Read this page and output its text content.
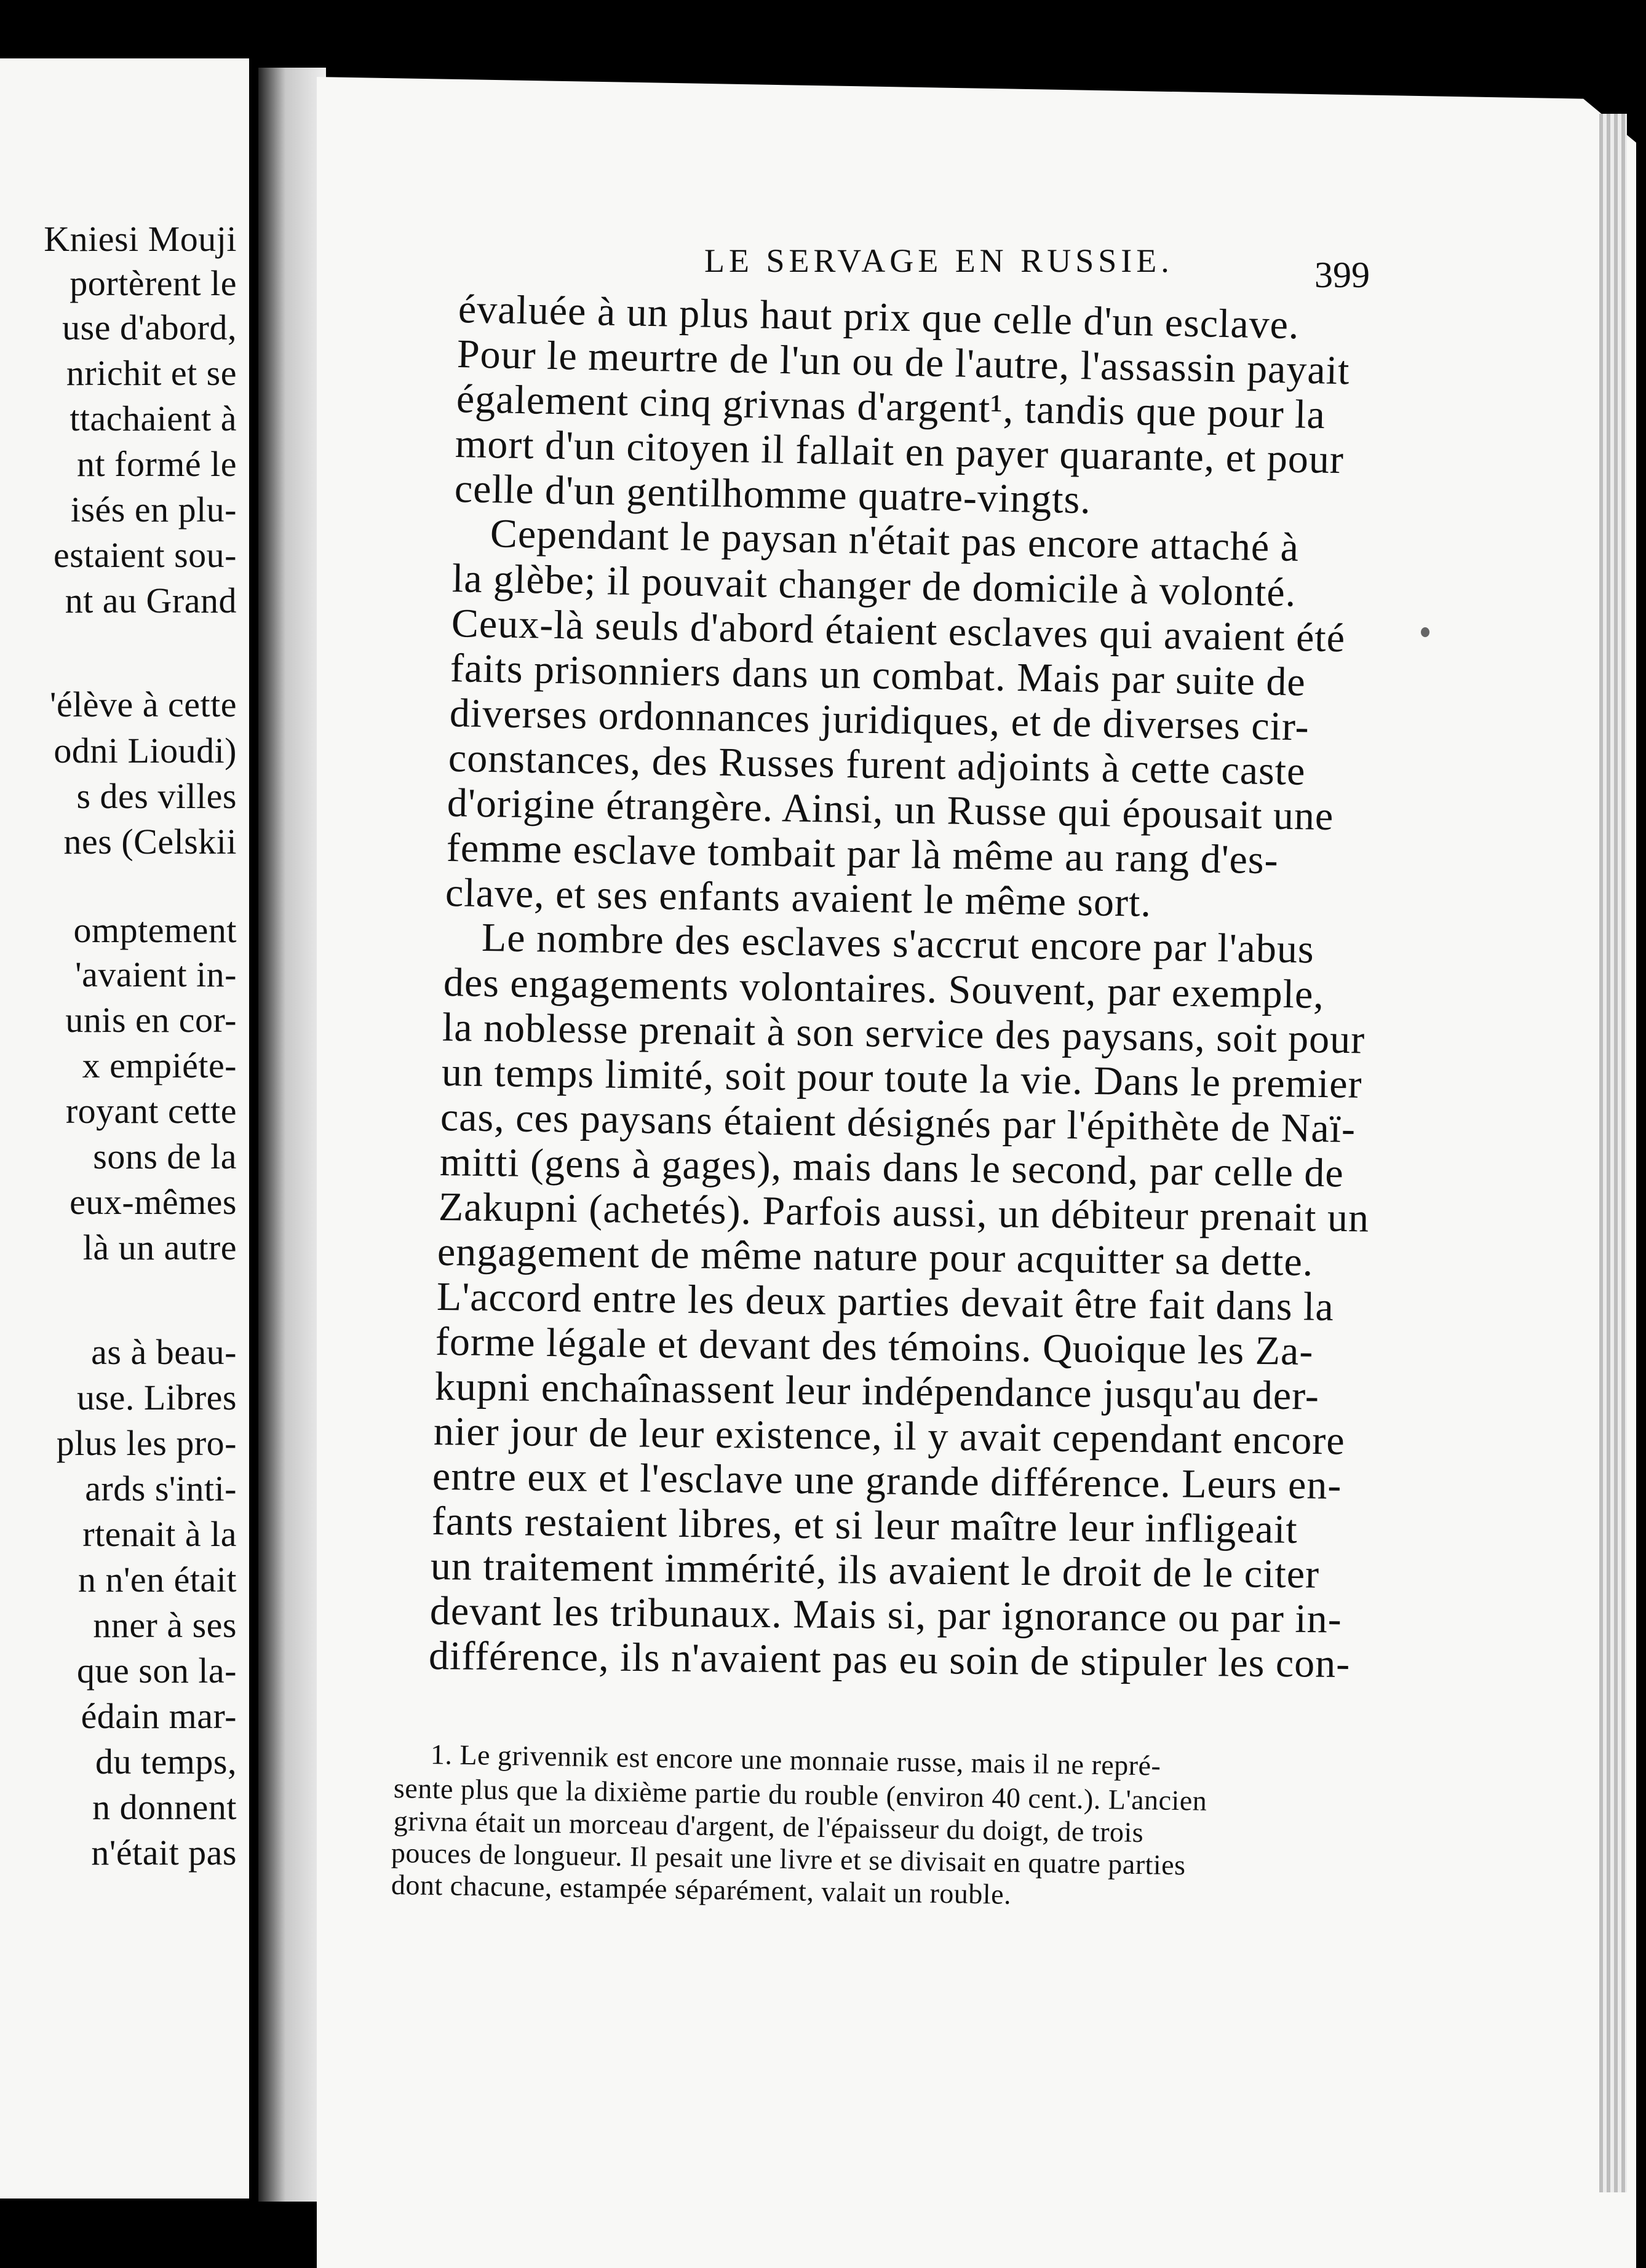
Kniesi Mouji
portèrent le
use d'abord,
nrichit et se
ttachaient à
nt formé le
isés en plu-
estaient sou-
nt au Grand
'élève à cette
odni Lioudi)
s des villes
nes (Celskii
omptement
'avaient in-
unis en cor-
x empiéte-
royant cette
sons de la
eux-mêmes
là un autre
as à beau-
use. Libres
plus les pro-
ards s'inti-
rtenait à la
n n'en était
nner à ses
que son la-
édain mar-
du temps,
n donnent
n'était pas
LE SERVAGE EN RUSSIE.	399
évaluée à un plus haut prix que celle d'un esclave.
Pour le meurtre de l'un ou de l'autre, l'assassin payait
également cinq grivnas d'argent¹, tandis que pour la
mort d'un citoyen il fallait en payer quarante, et pour
Cependant le paysan n'était pas encore attaché à
la glèbe; il pouvait changer de domicile à volonté.
Ceux-là seuls d'abord étaient esclaves qui avaient été
faits prisonniers dans un combat. Mais par suite de
diverses ordonnances juridiques, et de diverses cir-
constances, des Russes furent adjoints à cette caste
d'origine étrangère. Ainsi, un Russe qui épousait une
femme esclave tombait par là même au rang d'es-
Le nombre des esclaves s'accrut encore par l'abus
des engagements volontaires. Souvent, par exemple,
la noblesse prenait à son service des paysans, soit pour
un temps limité, soit pour toute la vie. Dans le premier
cas, ces paysans étaient désignés par l'épithète de Naï-
mitti (gens à gages), mais dans le second, par celle de
Zakupni (achetés). Parfois aussi, un débiteur prenait un
engagement de même nature pour acquitter sa dette.
L'accord entre les deux parties devait être fait dans la
forme légale et devant des témoins. Quoique les Za-
kupni enchaînassent leur indépendance jusqu'au der-
nier jour de leur existence, il y avait cependant encore
entre eux et l'esclave une grande différence. Leurs en-
fants restaient libres, et si leur maître leur infligeait
un traitement immérité, ils avaient le droit de le citer
devant les tribunaux. Mais si, par ignorance ou par in-
1. Le grivennik est encore une monnaie russe, mais il ne repré-
sente plus que la dixième partie du rouble (environ 40 cent.). L'ancien
grivna était un morceau d'argent, de l'épaisseur du doigt, de trois
pouces de longueur. Il pesait une livre et se divisait en quatre parties
dont chacune, estampée séparément, valait un rouble.
